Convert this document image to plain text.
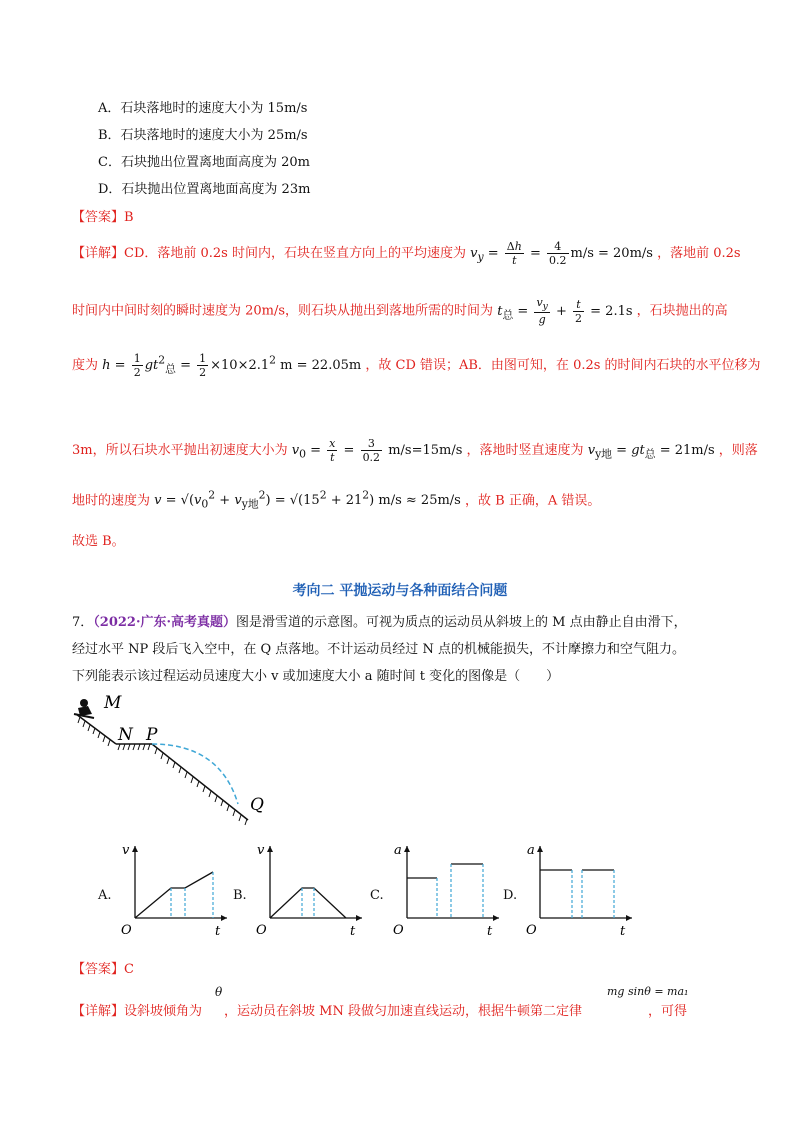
A．石块落地时的速度大小为 15m/s
B．石块落地时的速度大小为 25m/s
C．石块抛出位置离地面高度为 20m
D．石块抛出位置离地面高度为 23m
【答案】B
【详解】CD．落地前 0.2s 时间内，石块在竖直方向上的平均速度为 $v_y = \frac{\Delta h}{t} = \frac{4}{0.2} m/s = 20m/s$ ，落地前 0.2s
时间内中间时刻的瞬时速度为 20m/s，则石块从抛出到落地所需的时间为 $t_总 = \frac{v_y}{g} + \frac{t}{2} = 2.1s$ ，石块抛出的高
度为 $h = \frac{1}{2} gt^2_总 = \frac{1}{2} \times 10\times 2.1^2$ m = 22.05m ，故 CD 错误；AB．由图可知，在 0.2s 的时间内石块的水平位移为
3m，所以石块水平抛出初速度大小为 $v_0 = \frac{x}{t} = \frac{3}{0.2} m/s=15m/s$ ，落地时竖直速度为 $v_{y地} = gt_总 = 21m/s$ ，则落
地时的速度为 $v = √(v_0^2 + v_{y地}^2) = √(15^2 + 21^2) m/s \approx 25m/s$ ，故 B 正确，A 错误。
故选 B。
考向二 平抛运动与各种面结合问题
7．（2022·广东·高考真题）图是滑雪道的示意图。可视为质点的运动员从斜坡上的 M 点由静止自由滑下，
经过水平 NP 段后飞入空中，在 Q 点落地。不计运动员经过 N 点的机械能损失，不计摩擦力和空气阻力。
下列能表示该过程运动员速度大小 v 或加速度大小 a 随时间 t 变化的图像是（　　）
M
N P
Q
A.
v
t
O
B.
v
t
O
C.
a
t
O
D.
a
t
O
【答案】C
θ	mg sinθ = ma₁
【详解】设斜坡倾角为 ，运动员在斜坡 MN 段做匀加速直线运动，根据牛顿第二定律	，可得
